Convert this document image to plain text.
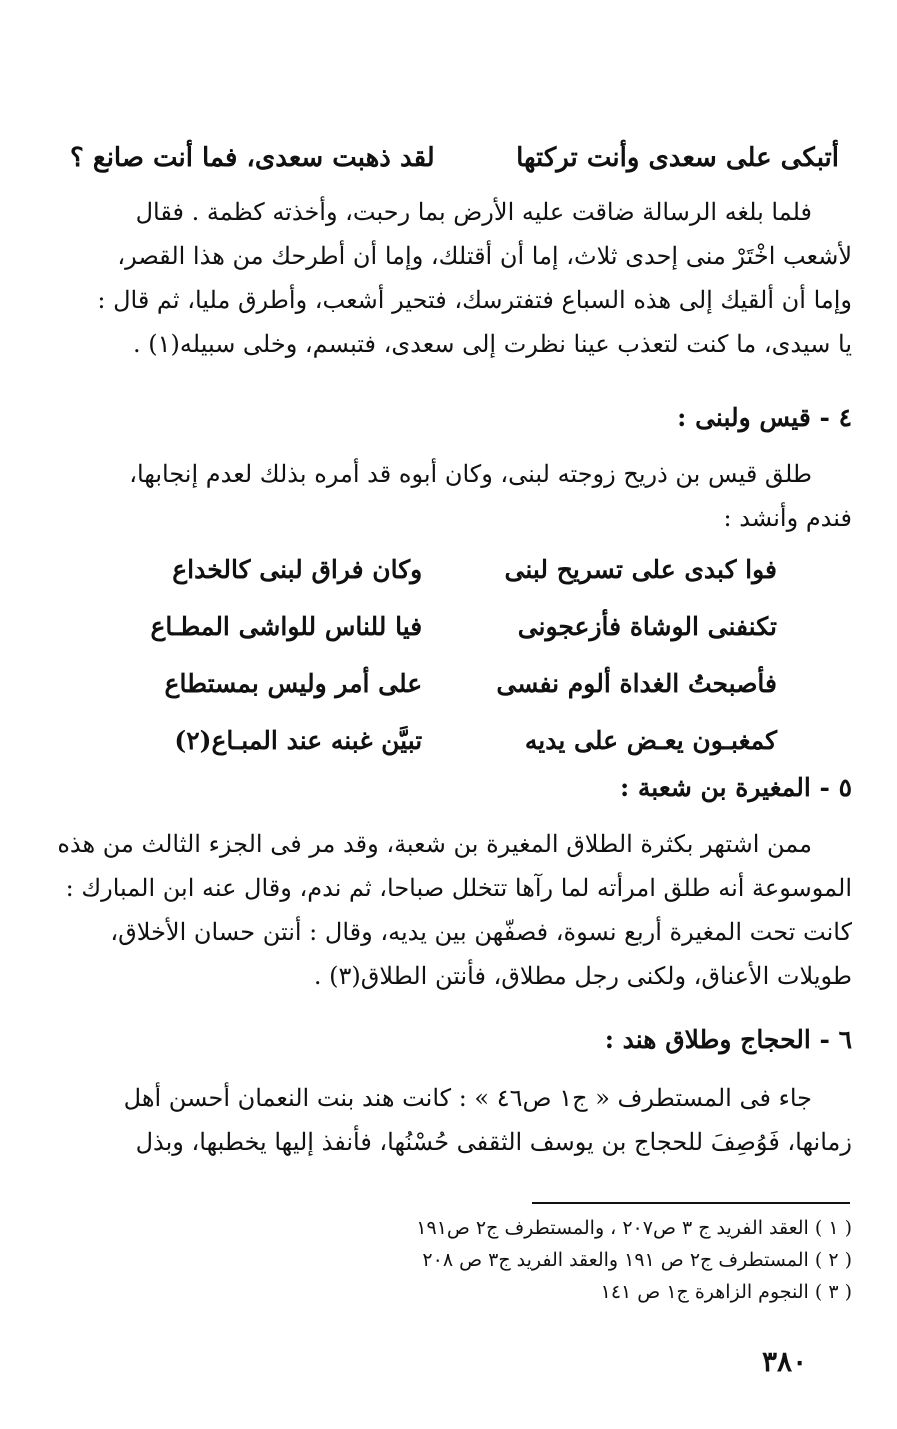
أتبكى على سعدى وأنت تركتها
لقد ذهبت سعدى، فما أنت صانع ؟
فلما بلغه الرسالة ضاقت عليه الأرض بما رحبت، وأخذته كظمة . فقال
لأشعب اخْتَرْ منى إحدى ثلاث، إما أن أقتلك، وإما أن أطرحك من هذا القصر،
وإما أن ألقيك إلى هذه السباع فتفترسك، فتحير أشعب، وأطرق مليا، ثم قال :
يا سيدى، ما كنت لتعذب عينا نظرت إلى سعدى، فتبسم، وخلى سبيله(١) .
٤ - قيس ولبنى :
طلق قيس بن ذريح زوجته لبنى، وكان أبوه قد أمره بذلك لعدم إنجابها،
فندم وأنشد :
فوا كبدى على تسريح لبنى
وكان فراق لبنى كالخداع
تكنفنى الوشاة فأزعجونى
فيا للناس للواشى المطـاع
فأصبحتُ الغداة ألوم نفسى
على أمر وليس بمستطاع
كمغبـون يعـض على يديه
تبيَّن غبنه عند المبـاع(٢)
٥ - المغيرة بن شعبة :
ممن اشتهر بكثرة الطلاق المغيرة بن شعبة، وقد مر فى الجزء الثالث من هذه
الموسوعة أنه طلق امرأته لما رآها تتخلل صباحا، ثم ندم، وقال عنه ابن المبارك :
كانت تحت المغيرة أربع نسوة، فصفّهن بين يديه، وقال : أنتن حسان الأخلاق،
طويلات الأعناق، ولكنى رجل مطلاق، فأنتن الطلاق(٣) .
٦ - الحجاج وطلاق هند :
جاء فى المستطرف « ج١ ص٤٦ » : كانت هند بنت النعمان أحسن أهل
زمانها، فَوُصِفَ للحجاج بن يوسف الثقفى حُسْنُها، فأنفذ إليها يخطبها، وبذل
( ١ ) العقد الفريد ج ٣ ص٢٠٧ ، والمستطرف ج٢ ص١٩١
( ٢ ) المستطرف ج٢ ص ١٩١ والعقد الفريد ج٣ ص ٢٠٨
( ٣ ) النجوم الزاهرة ج١ ص ١٤١
٣٨٠
